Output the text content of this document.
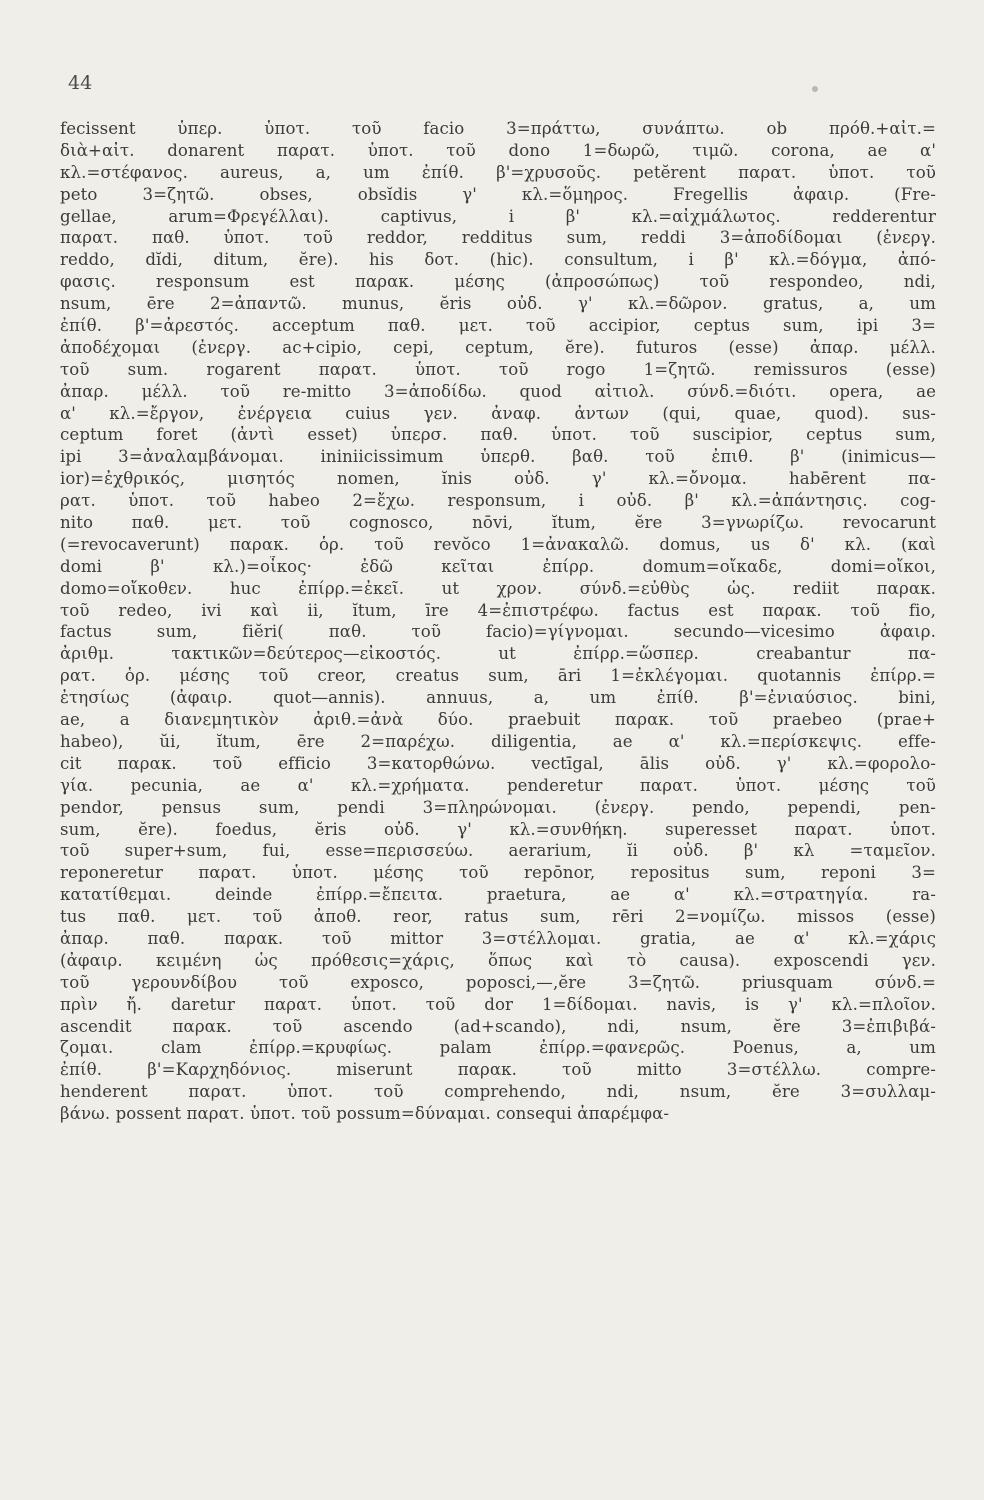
44
fecissent ὑπερ. ὑποτ. τοῦ facio 3=πράττω, συνάπτω. ob πρόθ.+αἰτ.=
διὰ+αἰτ. donarent παρατ. ὑποτ. τοῦ dono 1=δωρῶ, τιμῶ. corona, ae α'
κλ.=στέφανος. aureus, a, um ἐπίθ. β'=χρυσοῦς. petĕrent παρατ. ὑποτ. τοῦ
peto 3=ζητῶ. obses, obsĭdis γ' κλ.=ὅμηρος. Fregellis ἀφαιρ. (Fre-
gellae, arum=Φρεγέλλαι). captivus, i β' κλ.=αἰχμάλωτος. redderentur
παρατ. παθ. ὑποτ. τοῦ reddor, redditus sum, reddi 3=ἀποδίδομαι (ἐνεργ.
reddo, dĭdi, ditum, ĕre). his δοτ. (hic). consultum, i β' κλ.=δόγμα, ἀπό-
φασις. responsum est παρακ. μέσης (ἀπροσώπως) τοῦ respondeo, ndi,
nsum, ēre 2=ἀπαντῶ. munus, ĕris οὐδ. γ' κλ.=δῶρον. gratus, a, um
ἐπίθ. β'=ἀρεστός. acceptum παθ. μετ. τοῦ accipior, ceptus sum, ipi 3=
ἀποδέχομαι (ἐνεργ. ac+cipio, cepi, ceptum, ĕre). futuros (esse) ἀπαρ. μέλλ.
τοῦ sum. rogarent παρατ. ὑποτ. τοῦ rogo 1=ζητῶ. remissuros (esse)
ἀπαρ. μέλλ. τοῦ re-mitto 3=ἀποδίδω. quod αἰτιολ. σύνδ.=διότι. opera, ae
α' κλ.=ἔργον, ἐνέργεια cuius γεν. ἀναφ. ἀντων (qui, quae, quod). sus-
ceptum foret (ἀντὶ esset) ὑπερσ. παθ. ὑποτ. τοῦ suscipior, ceptus sum,
ipi 3=ἀναλαμβάνομαι. ininiicissimum ὑπερθ. βαθ. τοῦ ἐπιθ. β' (inimicus—
ior)=ἐχθρικός, μισητός nomen, ĭnis οὐδ. γ' κλ.=ὄνομα. habērent πα-
ρατ. ὑποτ. τοῦ habeo 2=ἔχω. responsum, i οὐδ. β' κλ.=ἀπάντησις. cog-
nito παθ. μετ. τοῦ cognosco, nōvi, ĭtum, ĕre 3=γνωρίζω. revocarunt
(=revocaverunt) παρακ. ὁρ. τοῦ revŏco 1=ἀνακαλῶ. domus, us δ' κλ. (καὶ
domi β' κλ.)=οἶκος· ἐδῶ κεῖται ἐπίρρ. domum=οἴκαδε, domi=οἴκοι,
domo=οἴκοθεν. huc ἐπίρρ.=ἐκεῖ. ut χρον. σύνδ.=εὐθὺς ὡς. rediit παρακ.
τοῦ redeo, ivi καὶ ii, ĭtum, īre 4=ἐπιστρέφω. factus est παρακ. τοῦ fio,
factus sum, fiĕri( παθ. τοῦ facio)=γίγνομαι. secundo—vicesimo ἀφαιρ.
ἀριθμ. τακτικῶν=δεύτερος—εἰκοστός. ut ἐπίρρ.=ὥσπερ. creabantur πα-
ρατ. ὁρ. μέσης τοῦ creor, creatus sum, āri 1=ἐκλέγομαι. quotannis ἐπίρρ.=
ἐτησίως (ἀφαιρ. quot—annis). annuus, a, um ἐπίθ. β'=ἐνιαύσιος. bini,
ae, a διανεμητικὸν ἀριθ.=ἀνὰ δύο. praebuit παρακ. τοῦ praebeo (prae+
habeo), ŭi, ĭtum, ēre 2=παρέχω. diligentia, ae α' κλ.=περίσκεψις. effe-
cit παρακ. τοῦ efficio 3=κατορθώνω. vectīgal, ālis οὐδ. γ' κλ.=φορολο-
γία. pecunia, ae α' κλ.=χρήματα. penderetur παρατ. ὑποτ. μέσης τοῦ
pendor, pensus sum, pendi 3=πληρώνομαι. (ἐνεργ. pendo, pependi, pen-
sum, ĕre). foedus, ĕris οὐδ. γ' κλ.=συνθήκη. superesset παρατ. ὑποτ.
τοῦ super+sum, fui, esse=περισσεύω. aerarium, ĭi οὐδ. β' κλ =ταμεῖον.
reponeretur παρατ. ὑποτ. μέσης τοῦ repōnor, repositus sum, reponi 3=
κατατίθεμαι. deinde ἐπίρρ.=ἔπειτα. praetura, ae α' κλ.=στρατηγία. ra-
tus παθ. μετ. τοῦ ἀποθ. reor, ratus sum, rēri 2=νομίζω. missos (esse)
ἀπαρ. παθ. παρακ. τοῦ mittor 3=στέλλομαι. gratia, ae α' κλ.=χάρις
(ἀφαιρ. κειμένη ὡς πρόθεσις=χάρις, ὅπως καὶ τὸ causa). exposcendi γεν.
τοῦ γερουνδίβου τοῦ exposco, poposci,—,ĕre 3=ζητῶ. priusquam σύνδ.=
πρὶν ἤ. daretur παρατ. ὑποτ. τοῦ dor 1=δίδομαι. navis, is γ' κλ.=πλοῖον.
ascendit παρακ. τοῦ ascendo (ad+scando), ndi, nsum, ĕre 3=ἐπιβιβά-
ζομαι. clam ἐπίρρ.=κρυφίως. palam ἐπίρρ.=φανερῶς. Poenus, a, um
ἐπίθ. β'=Καρχηδόνιος. miserunt παρακ. τοῦ mitto 3=στέλλω. compre-
henderent παρατ. ὑποτ. τοῦ comprehendo, ndi, nsum, ĕre 3=συλλαμ-
βάνω. possent παρατ. ὑποτ. τοῦ possum=δύναμαι. consequi ἀπαρέμφα-
